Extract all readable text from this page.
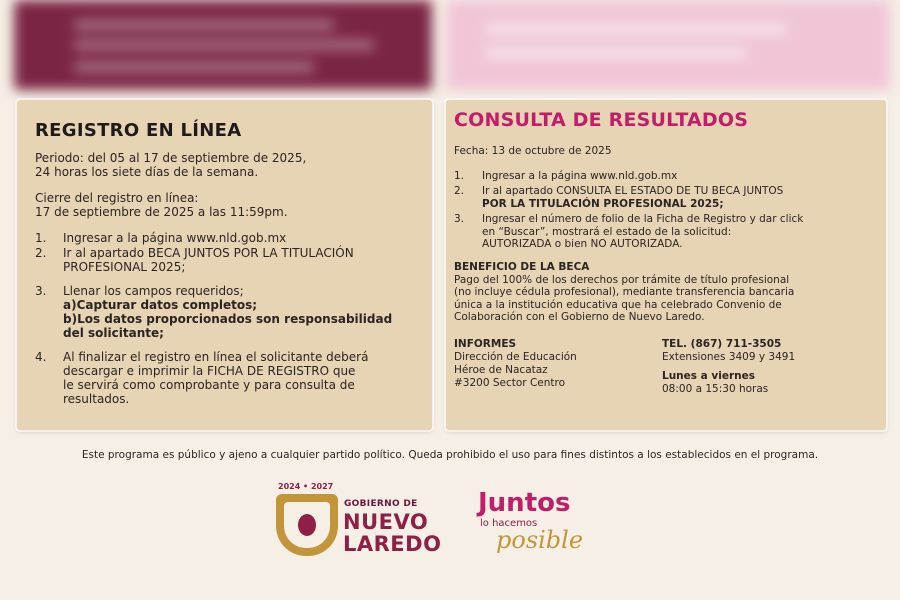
REGISTRO EN LÍNEA
Periodo: del 05 al 17 de septiembre de 2025,
24 horas los siete días de la semana.
Cierre del registro en línea:
17 de septiembre de 2025 a las 11:59pm.
1.	Ingresar a la página www.nld.gob.mx
2.	Ir al apartado BECA JUNTOS POR LA TITULACIÓN
PROFESIONAL 2025;
3.	Llenar los campos requeridos;
a)Capturar datos completos;
b)Los datos proporcionados son responsabilidad
del solicitante;
4.	Al finalizar el registro en línea el solicitante deberá
descargar e imprimir la FICHA DE REGISTRO que
le servirá como comprobante y para consulta de
resultados.
CONSULTA DE RESULTADOS
Fecha: 13 de octubre de 2025
1.	Ingresar a la página www.nld.gob.mx
2.	Ir al apartado CONSULTA EL ESTADO DE TU BECA JUNTOS
POR LA TITULACIÓN PROFESIONAL 2025;
3.	Ingresar el número de folio de la Ficha de Registro y dar click
en “Buscar”, mostrará el estado de la solicitud:
AUTORIZADA o bien NO AUTORIZADA.
BENEFICIO DE LA BECA
Pago del 100% de los derechos por trámite de título profesional
(no incluye cédula profesional), mediante transferencia bancaria
única a la institución educativa que ha celebrado Convenio de
Colaboración con el Gobierno de Nuevo Laredo.
INFORMES
Dirección de Educación
Héroe de Nacataz
#3200 Sector Centro
TEL. (867) 711-3505
Extensiones 3409 y 3491
Lunes a viernes
08:00 a 15:30 horas
Este programa es público y ajeno a cualquier partido político. Queda prohibido el uso para fines distintos a los establecidos en el programa.
2024 • 2027
GOBIERNO DE
NUEVO
LAREDO
Juntos
lo hacemos
posible
